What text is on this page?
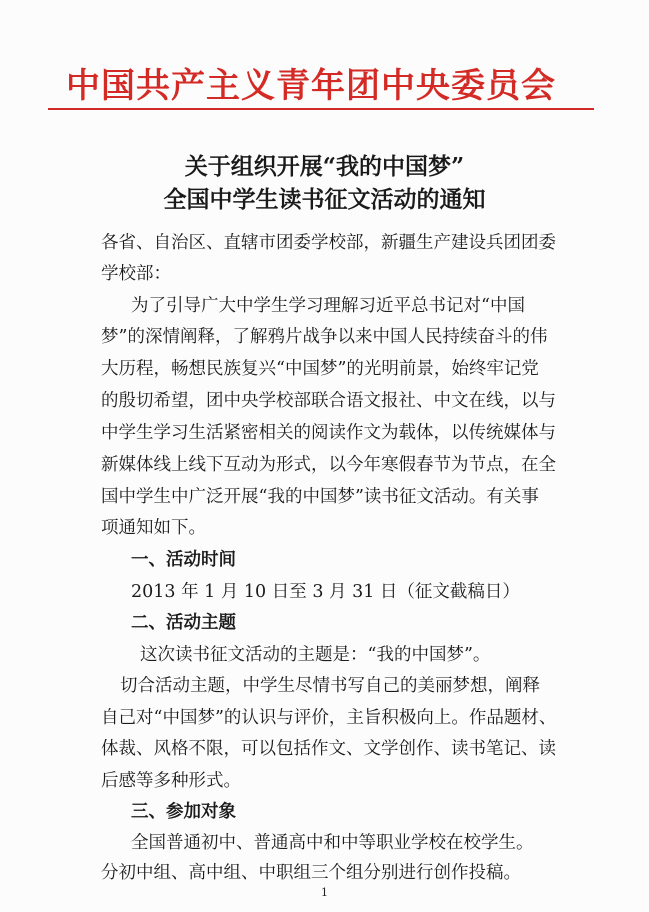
中国共产主义青年团中央委员会
关于组织开展“我的中国梦”
全国中学生读书征文活动的通知
各省、自治区、直辖市团委学校部，新疆生产建设兵团团委
学校部：
为了引导广大中学生学习理解习近平总书记对“中国
梦”的深情阐释，了解鸦片战争以来中国人民持续奋斗的伟
大历程，畅想民族复兴“中国梦”的光明前景，始终牢记党
的殷切希望，团中央学校部联合语文报社、中文在线，以与
中学生学习生活紧密相关的阅读作文为载体，以传统媒体与
新媒体线上线下互动为形式，以今年寒假春节为节点，在全
国中学生中广泛开展“我的中国梦”读书征文活动。有关事
项通知如下。
一、活动时间
2013 年 1 月 10 日至 3 月 31 日（征文截稿日）
二、活动主题
这次读书征文活动的主题是：“我的中国梦”。
切合活动主题，中学生尽情书写自己的美丽梦想，阐释
自己对“中国梦”的认识与评价，主旨积极向上。作品题材、
体裁、风格不限，可以包括作文、文学创作、读书笔记、读
后感等多种形式。
三、参加对象
全国普通初中、普通高中和中等职业学校在校学生。
分初中组、高中组、中职组三个组分别进行创作投稿。
1
